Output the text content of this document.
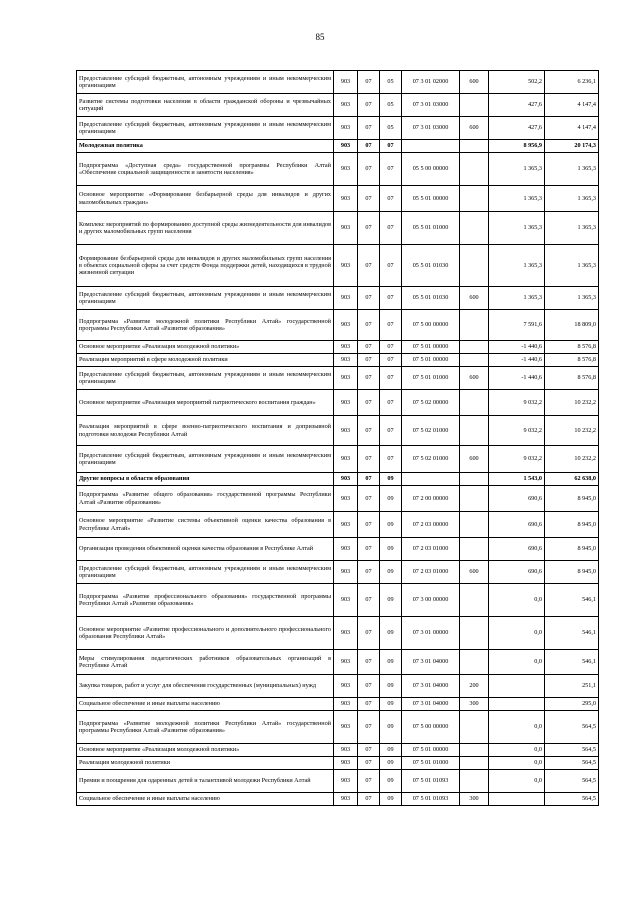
85
Предоставление субсидий бюджетным, автономным учреждениям и иным некоммерческим организациям	903	07	05	07 3 01 02000	600	502,2	6 236,1
Развитие системы подготовки населения в области гражданской обороны и чрезвычайных ситуаций	903	07	05	07 3 01 03000		427,6	4 147,4
Предоставление субсидий бюджетным, автономным учреждениям и иным некоммерческим организациям	903	07	05	07 3 01 03000	600	427,6	4 147,4
Молодежная политика	903	07	07			8 956,9	20 174,3
Подпрограмма «Доступная среда» государственной программы Республики Алтай «Обеспечение социальной защищенности и занятости населения»	903	07	07	05 5 00 00000		1 365,3	1 365,3
Основное мероприятие «Формирование безбарьерной среды для инвалидов и других маломобильных граждан»	903	07	07	05 5 01 00000		1 365,3	1 365,3
Комплекс мероприятий по формированию доступной среды жизнедеятельности для инвалидов и других маломобильных групп населения	903	07	07	05 5 01 01000		1 365,3	1 365,3
Формирование безбарьерной среды для инвалидов и других маломобильных групп населения в объектах социальной сферы за счет средств Фонда поддержки детей, находящихся в трудной жизненной ситуации	903	07	07	05 5 01 01030		1 365,3	1 365,3
Предоставление субсидий бюджетным, автономным учреждениям и иным некоммерческим организациям	903	07	07	05 5 01 01030	600	1 365,3	1 365,3
Подпрограмма «Развитие молодежной политики Республики Алтай» государственной программы Республики Алтай «Развитие образования»	903	07	07	07 5 00 00000		7 591,6	18 809,0
Основное мероприятие «Реализация молодежной политики»	903	07	07	07 5 01 00000		-1 440,6	8 576,8
Реализация мероприятий в сфере молодежной политики	903	07	07	07 5 01 00000		-1 440,6	8 576,8
Предоставление субсидий бюджетным, автономным учреждениям и иным некоммерческим организациям	903	07	07	07 5 01 01000	600	-1 440,6	8 576,8
Основное мероприятие «Реализация мероприятий патриотического воспитания граждан»	903	07	07	07 5 02 00000		9 032,2	10 232,2
Реализация мероприятий в сфере военно-патриотического воспитания и допризывной подготовки молодежи Республики Алтай	903	07	07	07 5 02 01000		9 032,2	10 232,2
Предоставление субсидий бюджетным, автономным учреждениям и иным некоммерческим организациям	903	07	07	07 5 02 01000	600	9 032,2	10 232,2
Другие вопросы в области образования	903	07	09			1 543,0	62 638,0
Подпрограмма «Развитие общего образования» государственной программы Республики Алтай «Развитие образования»	903	07	09	07 2 00 00000		690,6	8 945,0
Основное мероприятие «Развитие системы объективной оценки качества образования в Республике Алтай»	903	07	09	07 2 03 00000		690,6	8 945,0
Организация проведения объективной оценки качества образования в Республике Алтай	903	07	09	07 2 03 01000		690,6	8 945,0
Предоставление субсидий бюджетным, автономным учреждениям и иным некоммерческим организациям	903	07	09	07 2 03 01000	600	690,6	8 945,0
Подпрограмма «Развитие профессионального образования» государственной программы Республики Алтай «Развитие образования»	903	07	09	07 3 00 00000		0,0	546,1
Основное мероприятие «Развитие профессионального и дополнительного профессионального образования Республики Алтай»	903	07	09	07 3 01 00000		0,0	546,1
Меры стимулирования педагогических работников образовательных организаций в Республике Алтай	903	07	09	07 3 01 04000		0,0	546,1
Закупка товаров, работ и услуг для обеспечения государственных (муниципальных) нужд	903	07	09	07 3 01 04000	200		251,1
Социальное обеспечение и иные выплаты населению	903	07	09	07 3 01 04000	300		295,0
Подпрограмма «Развитие молодежной политики Республики Алтай» государственной программы Республики Алтай «Развитие образования»	903	07	09	07 5 00 00000		0,0	564,5
Основное мероприятие «Реализация молодежной политики»	903	07	09	07 5 01 00000		0,0	564,5
Реализация молодежной политики	903	07	09	07 5 01 01000		0,0	564,5
Премии и поощрения для одаренных детей и талантливой молодежи Республики Алтай	903	07	09	07 5 01 01093		0,0	564,5
Социальное обеспечение и иные выплаты населению	903	07	09	07 5 01 01093	300		564,5
